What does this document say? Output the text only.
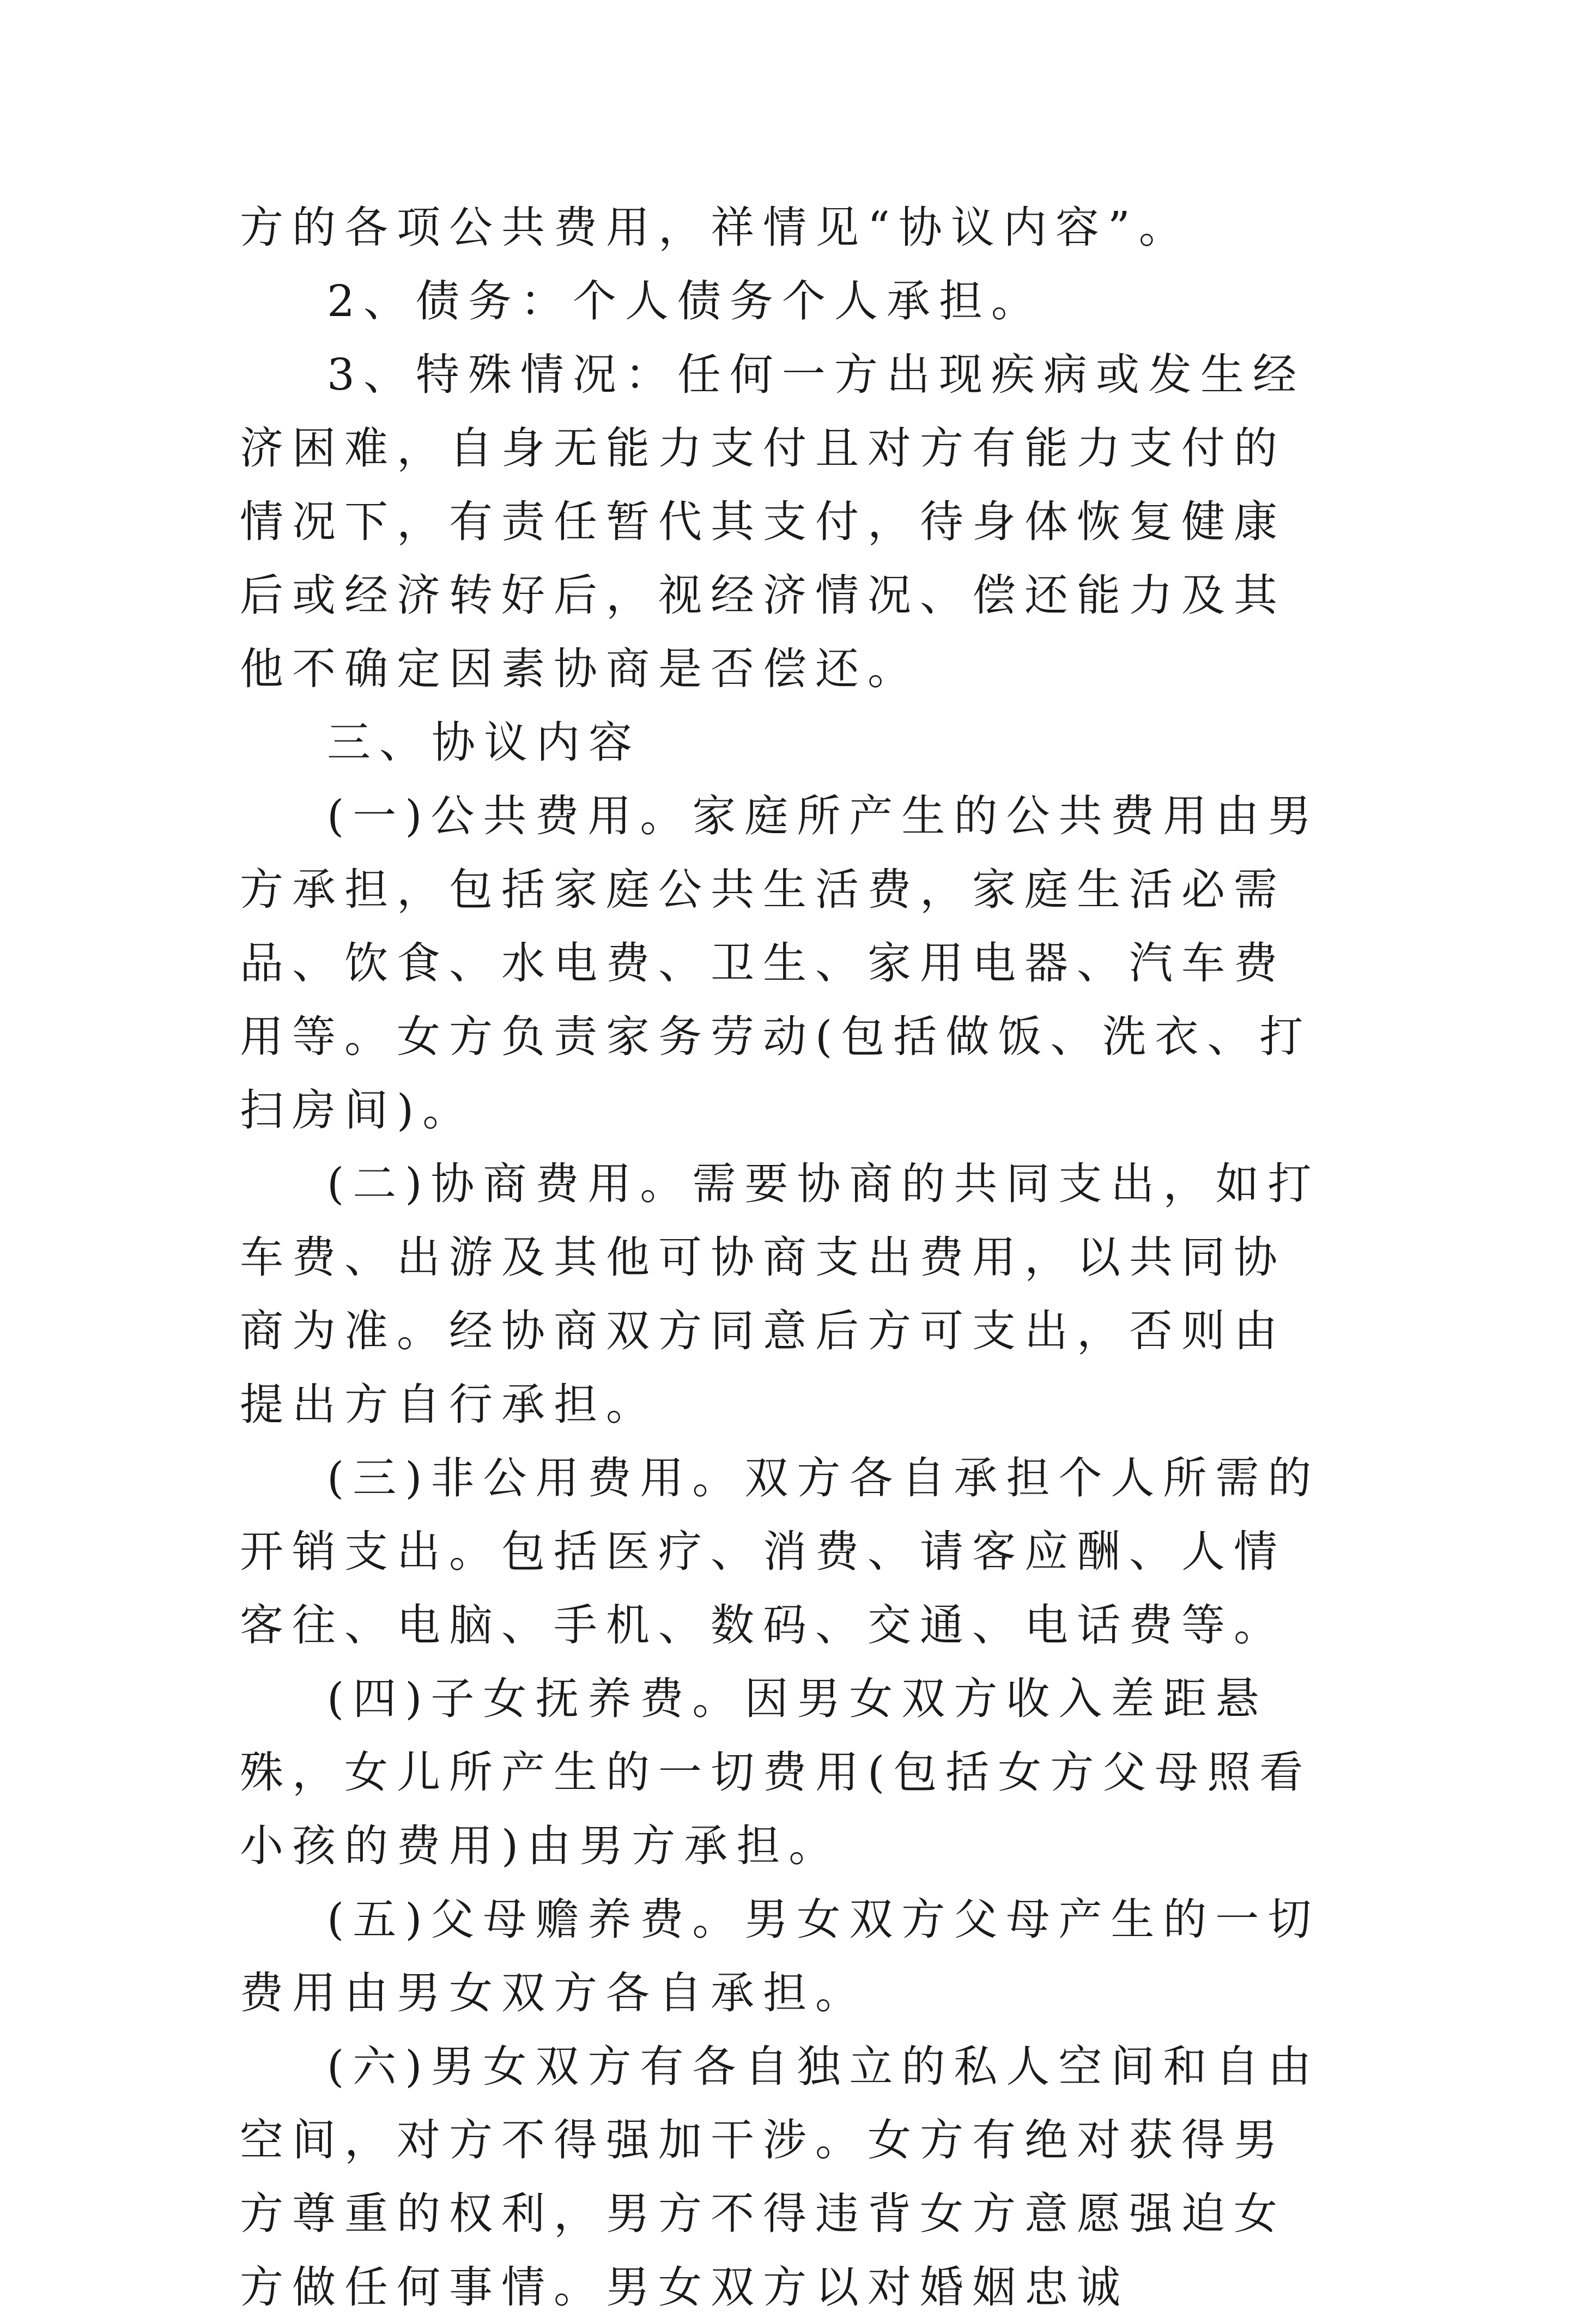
方的各项公共费用，祥情见“协议内容”。

2、债务：个人债务个人承担。

3、特殊情况：任何一方出现疾病或发生经济困难，自身无能力支付且对方有能力支付的情况下，有责任暂代其支付，待身体恢复健康后或经济转好后，视经济情况、偿还能力及其他不确定因素协商是否偿还。

三、协议内容

(一)公共费用。家庭所产生的公共费用由男方承担，包括家庭公共生活费，家庭生活必需品、饮食、水电费、卫生、家用电器、汽车费用等。女方负责家务劳动(包括做饭、洗衣、打扫房间)。

(二)协商费用。需要协商的共同支出，如打车费、出游及其他可协商支出费用，以共同协商为准。经协商双方同意后方可支出，否则由提出方自行承担。

(三)非公用费用。双方各自承担个人所需的开销支出。包括医疗、消费、请客应酬、人情客往、电脑、手机、数码、交通、电话费等。

(四)子女抚养费。因男女双方收入差距悬殊，女儿所产生的一切费用(包括女方父母照看小孩的费用)由男方承担。

(五)父母赡养费。男女双方父母产生的一切费用由男女双方各自承担。

(六)男女双方有各自独立的私人空间和自由空间，对方不得强加干涉。女方有绝对获得男方尊重的权利，男方不得违背女方意愿强迫女方做任何事情。男女双方以对婚姻忠诚
